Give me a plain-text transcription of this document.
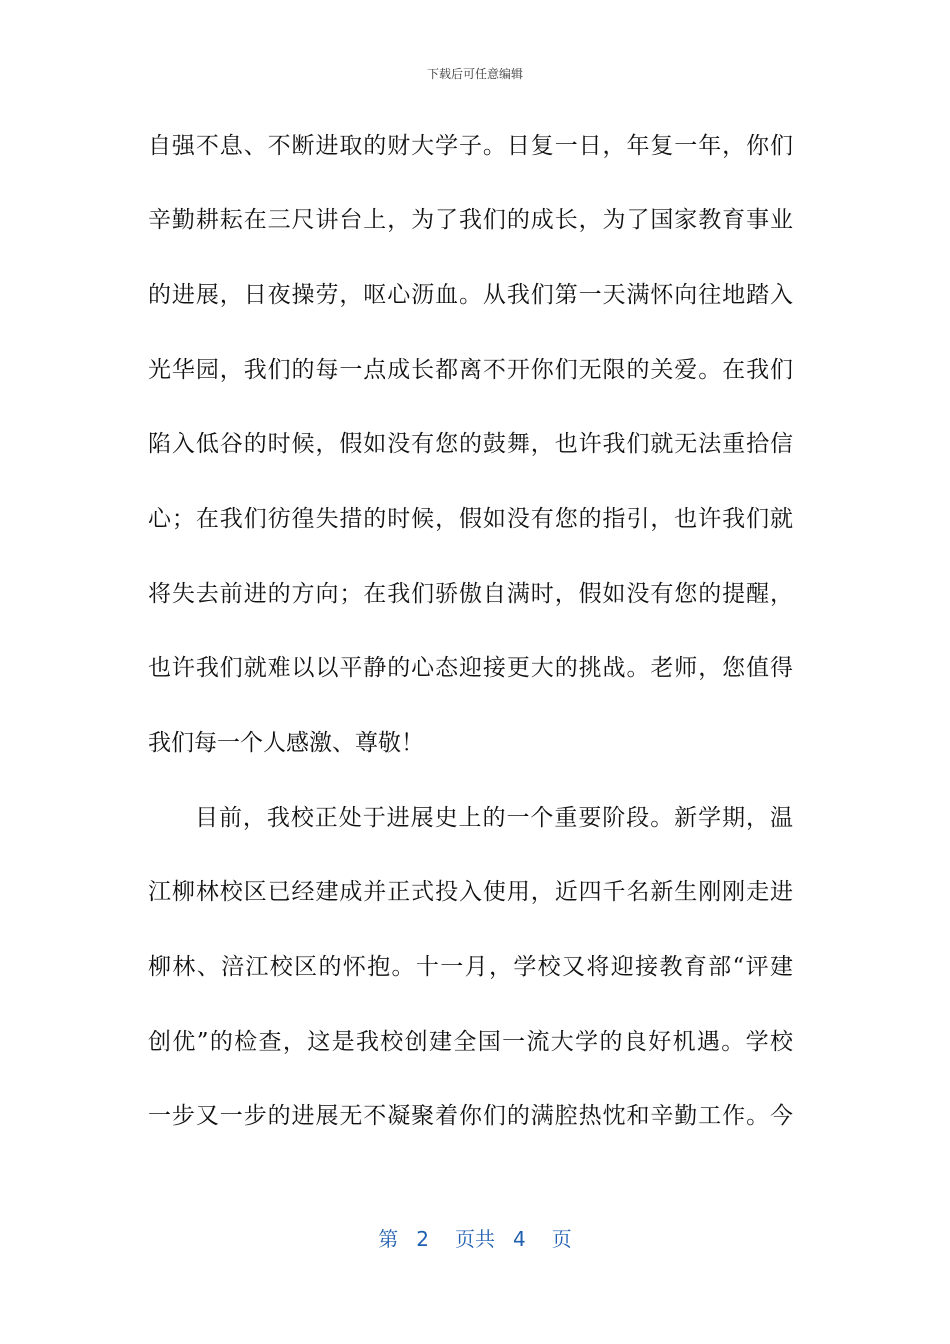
下载后可任意编辑
自强不息、不断进取的财大学子。日复一日，年复一年，你们
辛勤耕耘在三尺讲台上，为了我们的成长，为了国家教育事业
的进展，日夜操劳，呕心沥血。从我们第一天满怀向往地踏入
光华园，我们的每一点成长都离不开你们无限的关爱。在我们
陷入低谷的时候，假如没有您的鼓舞，也许我们就无法重拾信
心；在我们彷徨失措的时候，假如没有您的指引，也许我们就
将失去前进的方向；在我们骄傲自满时，假如没有您的提醒，
也许我们就难以以平静的心态迎接更大的挑战。老师，您值得
我们每一个人感激、尊敬！
目前，我校正处于进展史上的一个重要阶段。新学期，温
江柳林校区已经建成并正式投入使用，近四千名新生刚刚走进
柳林、涪江校区的怀抱。十一月，学校又将迎接教育部“评建
创优”的检查，这是我校创建全国一流大学的良好机遇。学校
一步又一步的进展无不凝聚着你们的满腔热忱和辛勤工作。今
第 2 页共 4 页
